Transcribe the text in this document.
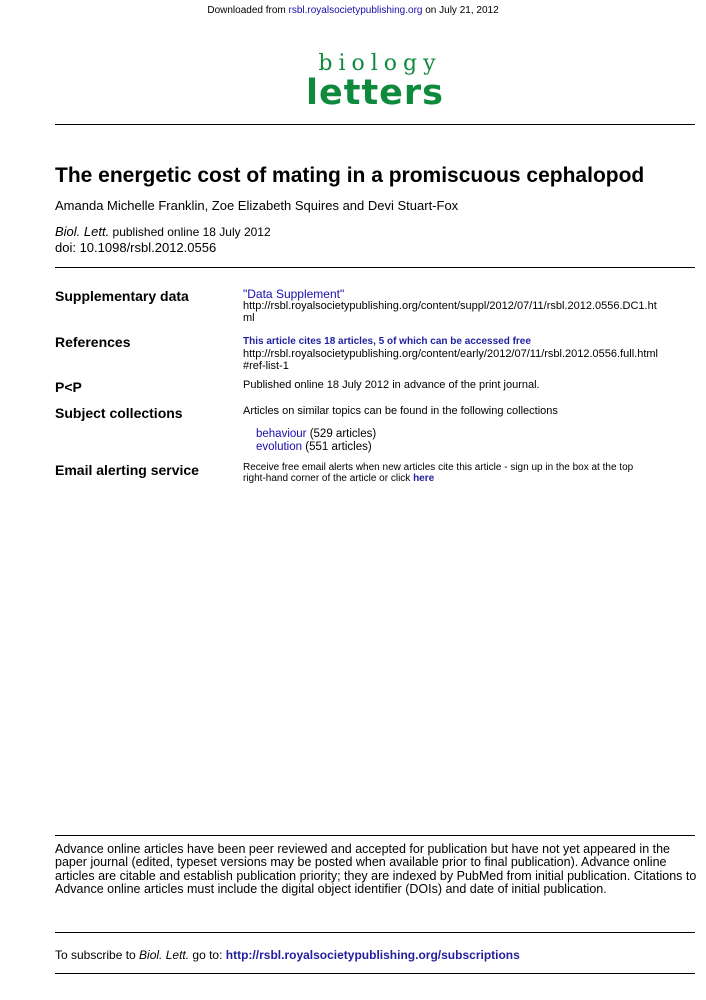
Downloaded from rsbl.royalsocietypublishing.org on July 21, 2012
biology
letters
The energetic cost of mating in a promiscuous cephalopod
Amanda Michelle Franklin, Zoe Elizabeth Squires and Devi Stuart-Fox
Biol. Lett. published online 18 July 2012
doi: 10.1098/rsbl.2012.0556
Supplementary data	"Data Supplement"
http://rsbl.royalsocietypublishing.org/content/suppl/2012/07/11/rsbl.2012.0556.DC1.ht
ml
References	This article cites 18 articles, 5 of which can be accessed free
http://rsbl.royalsocietypublishing.org/content/early/2012/07/11/rsbl.2012.0556.full.html
#ref-list-1
P<P	Published online 18 July 2012 in advance of the print journal.
Subject collections	Articles on similar topics can be found in the following collections
behaviour (529 articles)
evolution (551 articles)
Email alerting service	Receive free email alerts when new articles cite this article - sign up in the box at the top
right-hand corner of the article or click here
Advance online articles have been peer reviewed and accepted for publication but have not yet appeared in the paper journal (edited, typeset versions may be posted when available prior to final publication). Advance online articles are citable and establish publication priority; they are indexed by PubMed from initial publication. Citations to Advance online articles must include the digital object identifier (DOIs) and date of initial publication.
To subscribe to Biol. Lett. go to: http://rsbl.royalsocietypublishing.org/subscriptions
